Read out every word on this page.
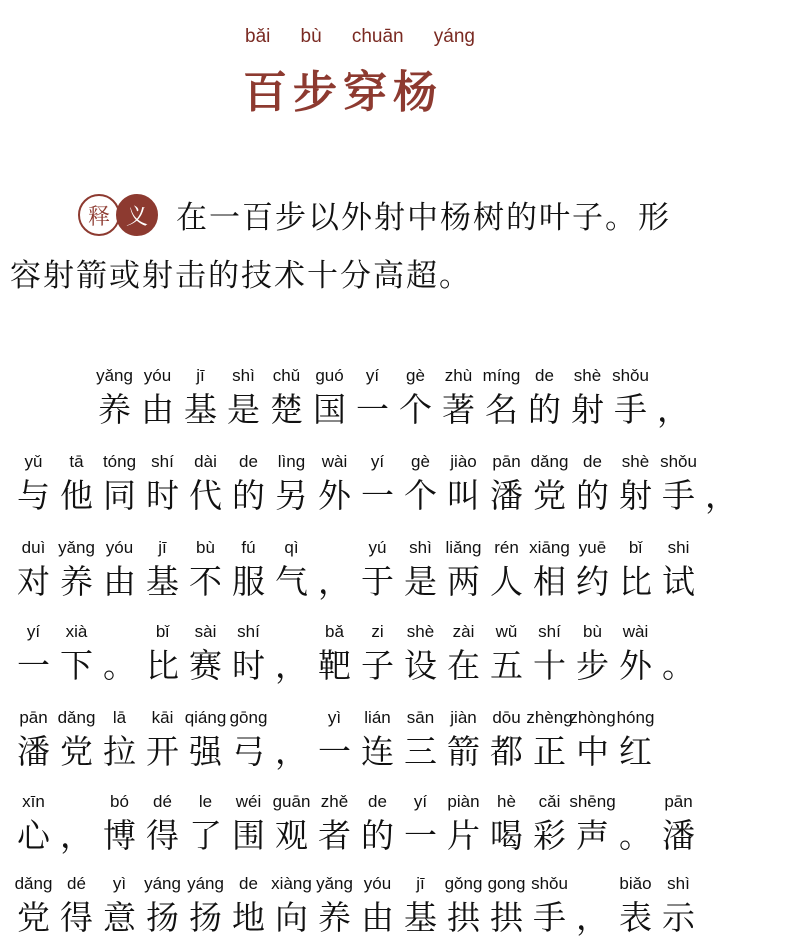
bǎi bù chuān yáng
百步穿杨
释 义 在一百步以外射中杨树的叶子。形
容射箭或射击的技术十分高超。
yǎng
养
yóu
由
jī
基
shì
是
chǔ
楚
guó
国
yí
一
gè
个
zhù
著
míng
名
de
的
shè
射
shǒu
手 ，
yǔ
与
tā
他
tóng
同
shí
时
dài
代
de
的
lìng
另
wài
外
yí
一
gè
个
jiào
叫
pān
潘
dǎng
党
de
的
shè
射
shǒu
手 ，
duì
对
yǎng
养
yóu
由
jī
基
bù
不
fú
服
qì
气 ，
yú
于
shì
是
liǎng
两
rén
人
xiāng
相
yuē
约
bǐ
比
shi
试
yí
一
xià
下 。
bǐ
比
sài
赛
shí
时 ，
bǎ
靶
zi
子
shè
设
zài
在
wǔ
五
shí
十
bù
步
wài
外 。
pān
潘
dǎng
党
lā
拉
kāi
开
qiáng
强
gōng
弓 ，
yì
一
lián
连
sān
三
jiàn
箭
dōu
都
zhèng
正
zhòng
中
hóng
红
xīn
心 ，
bó
博
dé
得
le
了
wéi
围
guān
观
zhě
者
de
的
yí
一
piàn
片
hè
喝
cǎi
彩
shēng
声 。
pān
潘
dǎng
党
dé
得
yì
意
yáng
扬
yáng
扬
de
地
xiàng
向
yǎng
养
yóu
由
jī
基
gǒng
拱
gong
拱
shǒu
手 ，
biǎo
表
shì
示
